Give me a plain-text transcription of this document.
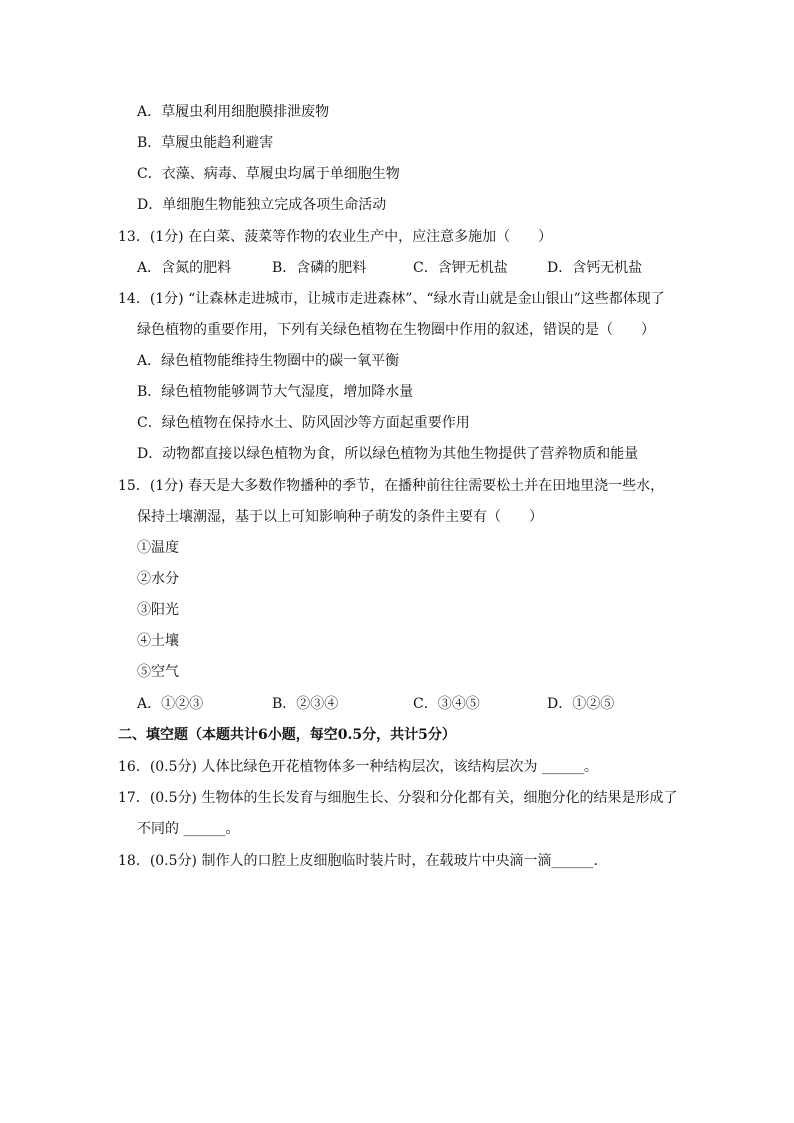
A．草履虫利用细胞膜排泄废物
B．草履虫能趋利避害
C．衣藻、病毒、草履虫均属于单细胞生物
D．单细胞生物能独立完成各项生命活动
13．(1分) 在白菜、菠菜等作物的农业生产中，应注意多施加（　　）
A．含氮的肥料	B．含磷的肥料	C．含钾无机盐	D．含钙无机盐
14．(1分) “让森林走进城市，让城市走进森林”、“绿水青山就是金山银山”这些都体现了
绿色植物的重要作用，下列有关绿色植物在生物圈中作用的叙述，错误的是（　　）
A．绿色植物能维持生物圈中的碳一氧平衡
B．绿色植物能够调节大气湿度，增加降水量
C．绿色植物在保持水土、防风固沙等方面起重要作用
D．动物都直接以绿色植物为食，所以绿色植物为其他生物提供了营养物质和能量
15．(1分) 春天是大多数作物播种的季节，在播种前往往需要松土并在田地里浇一些水，
保持土壤潮湿，基于以上可知影响种子萌发的条件主要有（　　）
①温度
②水分
③阳光
④土壤
⑤空气
A．①②③	B．②③④	C．③④⑤	D．①②⑤
二、填空题（本题共计6小题，每空0.5分，共计5分）
16．(0.5分) 人体比绿色开花植物体多一种结构层次，该结构层次为 ______。
17．(0.5分) 生物体的生长发育与细胞生长、分裂和分化都有关，细胞分化的结果是形成了
不同的 ______。
18．(0.5分) 制作人的口腔上皮细胞临时装片时，在载玻片中央滴一滴______.
